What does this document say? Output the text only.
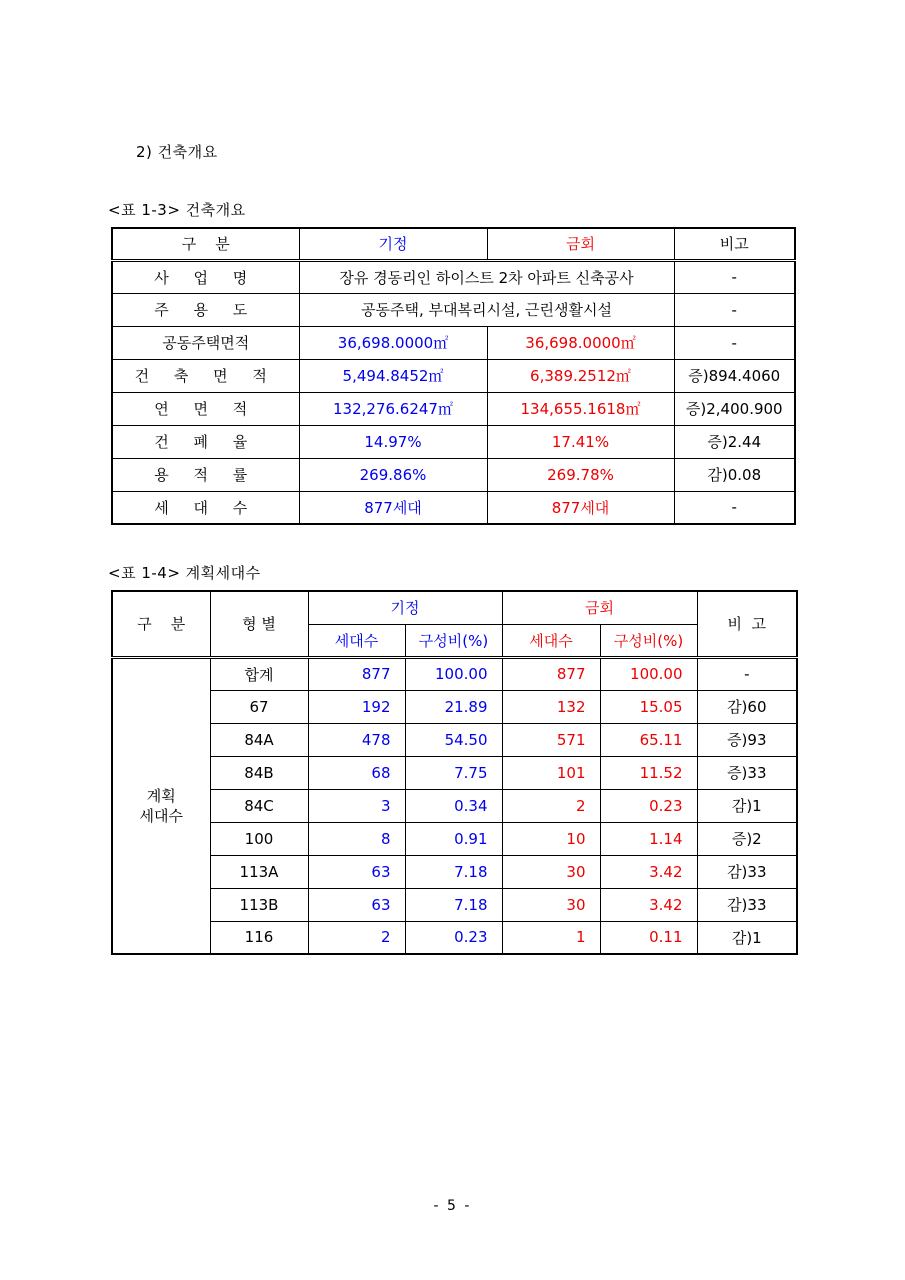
2) 건축개요
<표 1-3> 건축개요
구    분	기정	금회	비고
사 업 명	장유 경동리인 하이스트 2차 아파트 신축공사		-
주 용 도	공동주택, 부대복리시설, 근린생활시설		-
공동주택면적	36,698.0000㎡	36,698.0000㎡	-
건 축 면 적	5,494.8452㎡	6,389.2512㎡	증)894.4060
연 면 적	132,276.6247㎡	134,655.1618㎡	증)2,400.900
건 폐 율	14.97%	17.41%	증)2.44
용 적 률	269.86%	269.78%	감)0.08
세 대 수	877세대	877세대	-
<표 1-4> 계획세대수
구    분	형 별	기정		금회		비  고
		세대수	구성비(%)	세대수	구성비(%)	
계획
세대수	합계	877	100.00	877	100.00	-
	67	192	21.89	132	15.05	감)60
	84A	478	54.50	571	65.11	증)93
	84B	68	7.75	101	11.52	증)33
	84C	3	0.34	2	0.23	감)1
	100	8	0.91	10	1.14	증)2
	113A	63	7.18	30	3.42	감)33
	113B	63	7.18	30	3.42	감)33
	116	2	0.23	1	0.11	감)1
- 5 -
